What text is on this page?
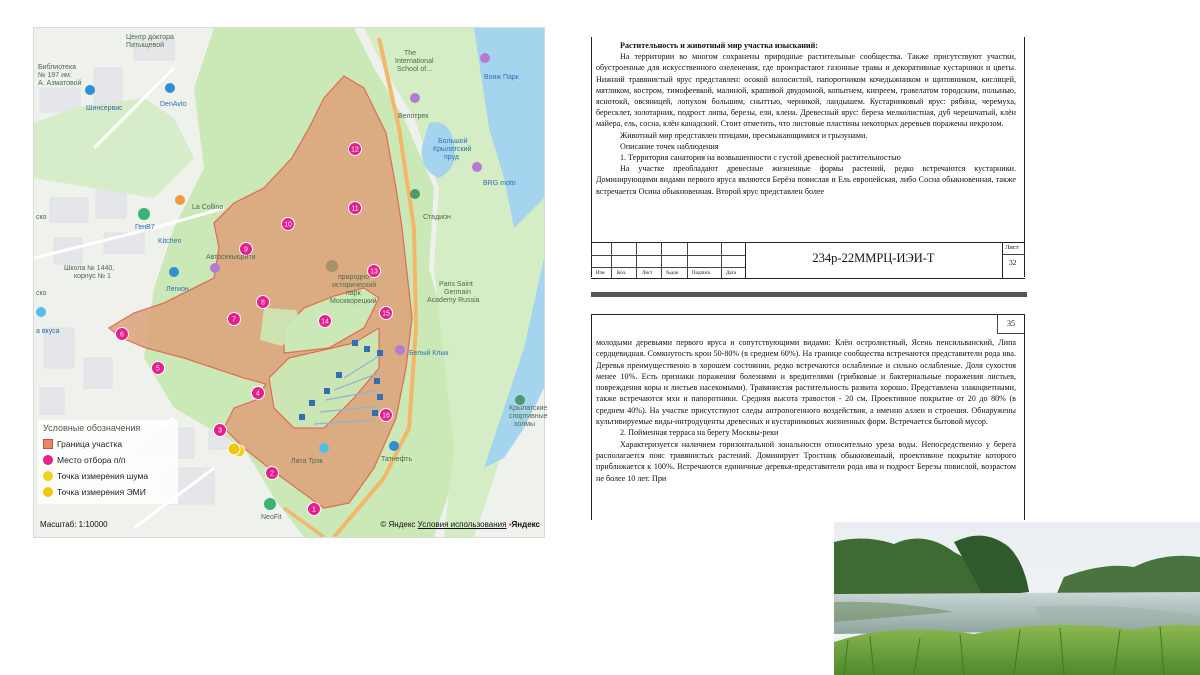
1
2
3
4
5
6
7
8
9
10
11
12
13
14
15
16
Центр доктора
Патыщевой
Библиотека
№ 197 им.
А. Азматовой
Шинсервис
DenAvto
The
International
School of...
Вояж Парк
Велотрек
Большой
Крылатский
пруд
BRG moto
La Collina
Стадион
ГенВ7
Kitchen
Автосекьюрити
Школа № 1440,
корпус № 1	природно-
исторический
парк
Москворецкий
Paris Saint
Germain
Academy Russia
Легион
Белый Клык
ско
ско
Крылатские
спортивные
холмы
Лата Трэк	Татнефть
NeoFit
а вкуса
Условные обозначения
Граница участка
Место отбора п/п
Точка измерения шума
Точка измерения ЭМИ
Масштаб: 1:10000	© Яндекс Условия использования ▪Яндекс

Растительность и животный мир участка изысканий:

На территории во многом сохранены природные растительные сообщества. Также присутствуют участки, обустроенные для искусственного озеленения, где произрастают газонные травы и декоративные кустарники и цветы. Нижний травянистый ярус представлен: осокой волосистой, папоротником кочедыжником и щитовником, кислицей, мятликом, костром, тимофеевкой, малиной, крапивой двудомной, копытнем, кипреем, гравелатом городским, полынью, яснотокй, овсяницей, лопухом большим, сныттью, черникой, ландышем. Кустарниковый ярус: рябина, черемуха, бересклет, золотарник, подрост липы, березы, ели, клена. Древесный ярус: береза мелколистная, дуб черешчатый, клён майера, ель, сосна, клён канадский. Стоит отметить, что листовые пластины некоторых деревьев поражены некрозом.

Животный мир представлен птицами, пресмыкающимися и грызунами.

Описание точек наблюдения

1. Территория санатория на возвышенности с густой древесной растительностью

На участке преобладают древесные жизненные формы растений, редко встречаются кустарники. Доминирующими видами первого яруса являются Берёза повислая и Ель европейская, либо Сосна обыкновенная, также встречается Осина обыкновенная. Второй ярус представлен более

Изм Кол.	Лист	№док	Подпись	Дата
234р-22ММРЦ-ИЭИ-Т
Лист
32
35

молодыми деревьями первого яруса и сопутствующими видами: Клён остролистный, Ясень пенсильванский, Липа сердцевидная. Сомкнутость крон 50-80% (в среднем 60%). На границе сообщества встречаются представители рода ива. Деревья преимущественно в хорошем состоянии, редко встречаются ослабленые и сильно ослабленые. Доля сухостоя менее 10%. Есть признаки поражения болезнями и вредителями (грибковые и бактериальные поражения листьев, повреждения коры и листьев насекомыми). Травянистая растительность развита хорошо. Представлена злакоцветными, также встречаются мхи и папоротники. Средняя высота травостоя - 20 см. Проективное покрытие от 20 до 80% (в среднем 40%). На участке присутствуют следы антропогенного воздействия, а именно аллеи и строения. Обнаружены культивируемые виды-интродуценты древесных и кустарниковых жизненных форм. Встречается бытовой мусор.

2. Пойменная терраса на берегу Москвы-реки

Характеризуется наличием горизонтальной зональности относительно уреза воды. Непосредственно у берега располагается пояс травянистых растений. Доминирует Тростник обыкновенный, проективное покрытие которого приближается к 100%. Встречаются единичные деревья-представители рода ива и подрост Березы повислой, возрастом не более 10 лет. При
